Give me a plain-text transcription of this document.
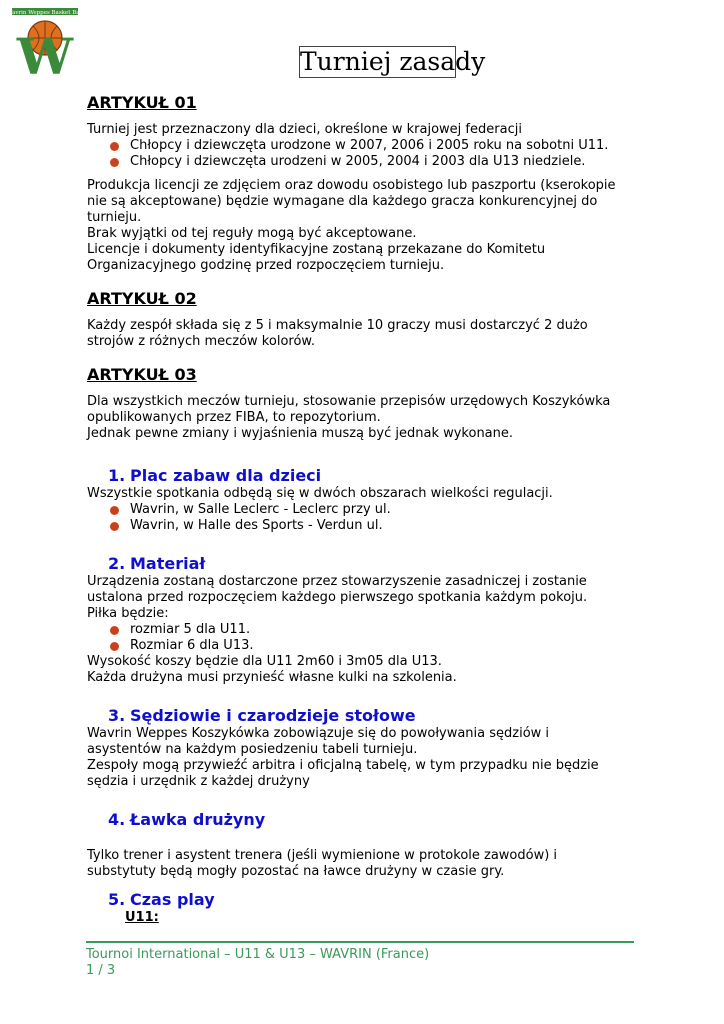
Wavrin Weppes Basket Ball
W	Turniej zasady
ARTYKUŁ 01

Turniej jest przeznaczony dla dzieci, określone w krajowej federacji

Chłopcy i dziewczęta urodzone w 2007, 2006 i 2005 roku na sobotni U11.
Chłopcy i dziewczęta urodzeni w 2005, 2004 i 2003 dla U13 niedziele.

Produkcja licencji ze zdjęciem oraz dowodu osobistego lub paszportu (kserokopie

nie są akceptowane) będzie wymagane dla każdego gracza konkurencyjnej do

turnieju.

Brak wyjątki od tej reguły mogą być akceptowane.

Licencje i dokumenty identyfikacyjne zostaną przekazane do Komitetu

Organizacyjnego godzinę przed rozpoczęciem turnieju.

ARTYKUŁ 02

Każdy zespół składa się z 5 i maksymalnie 10 graczy musi dostarczyć 2 dużo

strojów z różnych meczów kolorów.

ARTYKUŁ 03

Dla wszystkich meczów turnieju, stosowanie przepisów urzędowych Koszykówka

opublikowanych przez FIBA, to repozytorium.

Jednak pewne zmiany i wyjaśnienia muszą być jednak wykonane.

1. Plac zabaw dla dzieci

Wszystkie spotkania odbędą się w dwóch obszarach wielkości regulacji.

Wavrin, w Salle Leclerc - Leclerc przy ul.
Wavrin, w Halle des Sports - Verdun ul.
2. Materiał

Urządzenia zostaną dostarczone przez stowarzyszenie zasadniczej i zostanie

ustalona przed rozpoczęciem każdego pierwszego spotkania każdym pokoju.

Piłka będzie:

rozmiar 5 dla U11.
Rozmiar 6 dla U13.

Wysokość koszy będzie dla U11 2m60 i 3m05 dla U13.

Każda drużyna musi przynieść własne kulki na szkolenia.

3. Sędziowie i czarodzieje stołowe

Wavrin Weppes Koszykówka zobowiązuje się do powoływania sędziów i

asystentów na każdym posiedzeniu tabeli turnieju.

Zespoły mogą przywieźć arbitra i oficjalną tabelę, w tym przypadku nie będzie

sędzia i urzędnik z każdej drużyny

4. Ławka drużyny

Tylko trener i asystent trenera (jeśli wymienione w protokole zawodów) i

substytuty będą mogły pozostać na ławce drużyny w czasie gry.

5. Czas play
U11:
Tournoi International – U11 & U13 – WAVRIN (France)
1 / 3
